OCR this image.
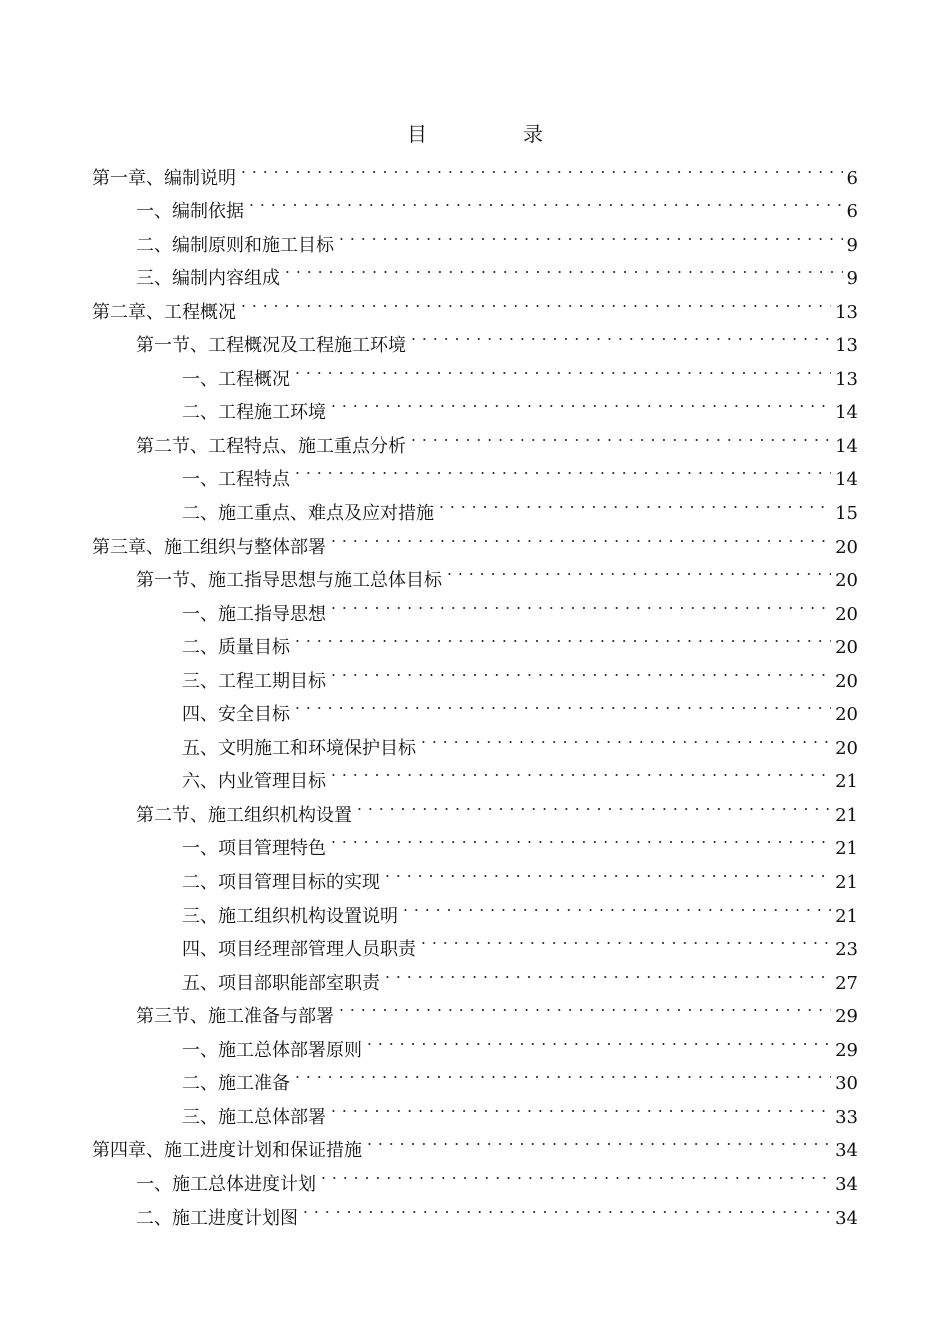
目　录
第一章、编制说明	6
一、编制依据	6
二、编制原则和施工目标	9
三、编制内容组成	9
第二章、工程概况	13
第一节、工程概况及工程施工环境	13
一、工程概况	13
二、工程施工环境	14
第二节、工程特点、施工重点分析	14
一、工程特点	14
二、施工重点、难点及应对措施	15
第三章、施工组织与整体部署	20
第一节、施工指导思想与施工总体目标	20
一、施工指导思想	20
二、质量目标	20
三、工程工期目标	20
四、安全目标	20
五、文明施工和环境保护目标	20
六、内业管理目标	21
第二节、施工组织机构设置	21
一、项目管理特色	21
二、项目管理目标的实现	21
三、施工组织机构设置说明	21
四、项目经理部管理人员职责	23
五、项目部职能部室职责	27
第三节、施工准备与部署	29
一、施工总体部署原则	29
二、施工准备	30
三、施工总体部署	33
第四章、施工进度计划和保证措施	34
一、施工总体进度计划	34
二、施工进度计划图	34
